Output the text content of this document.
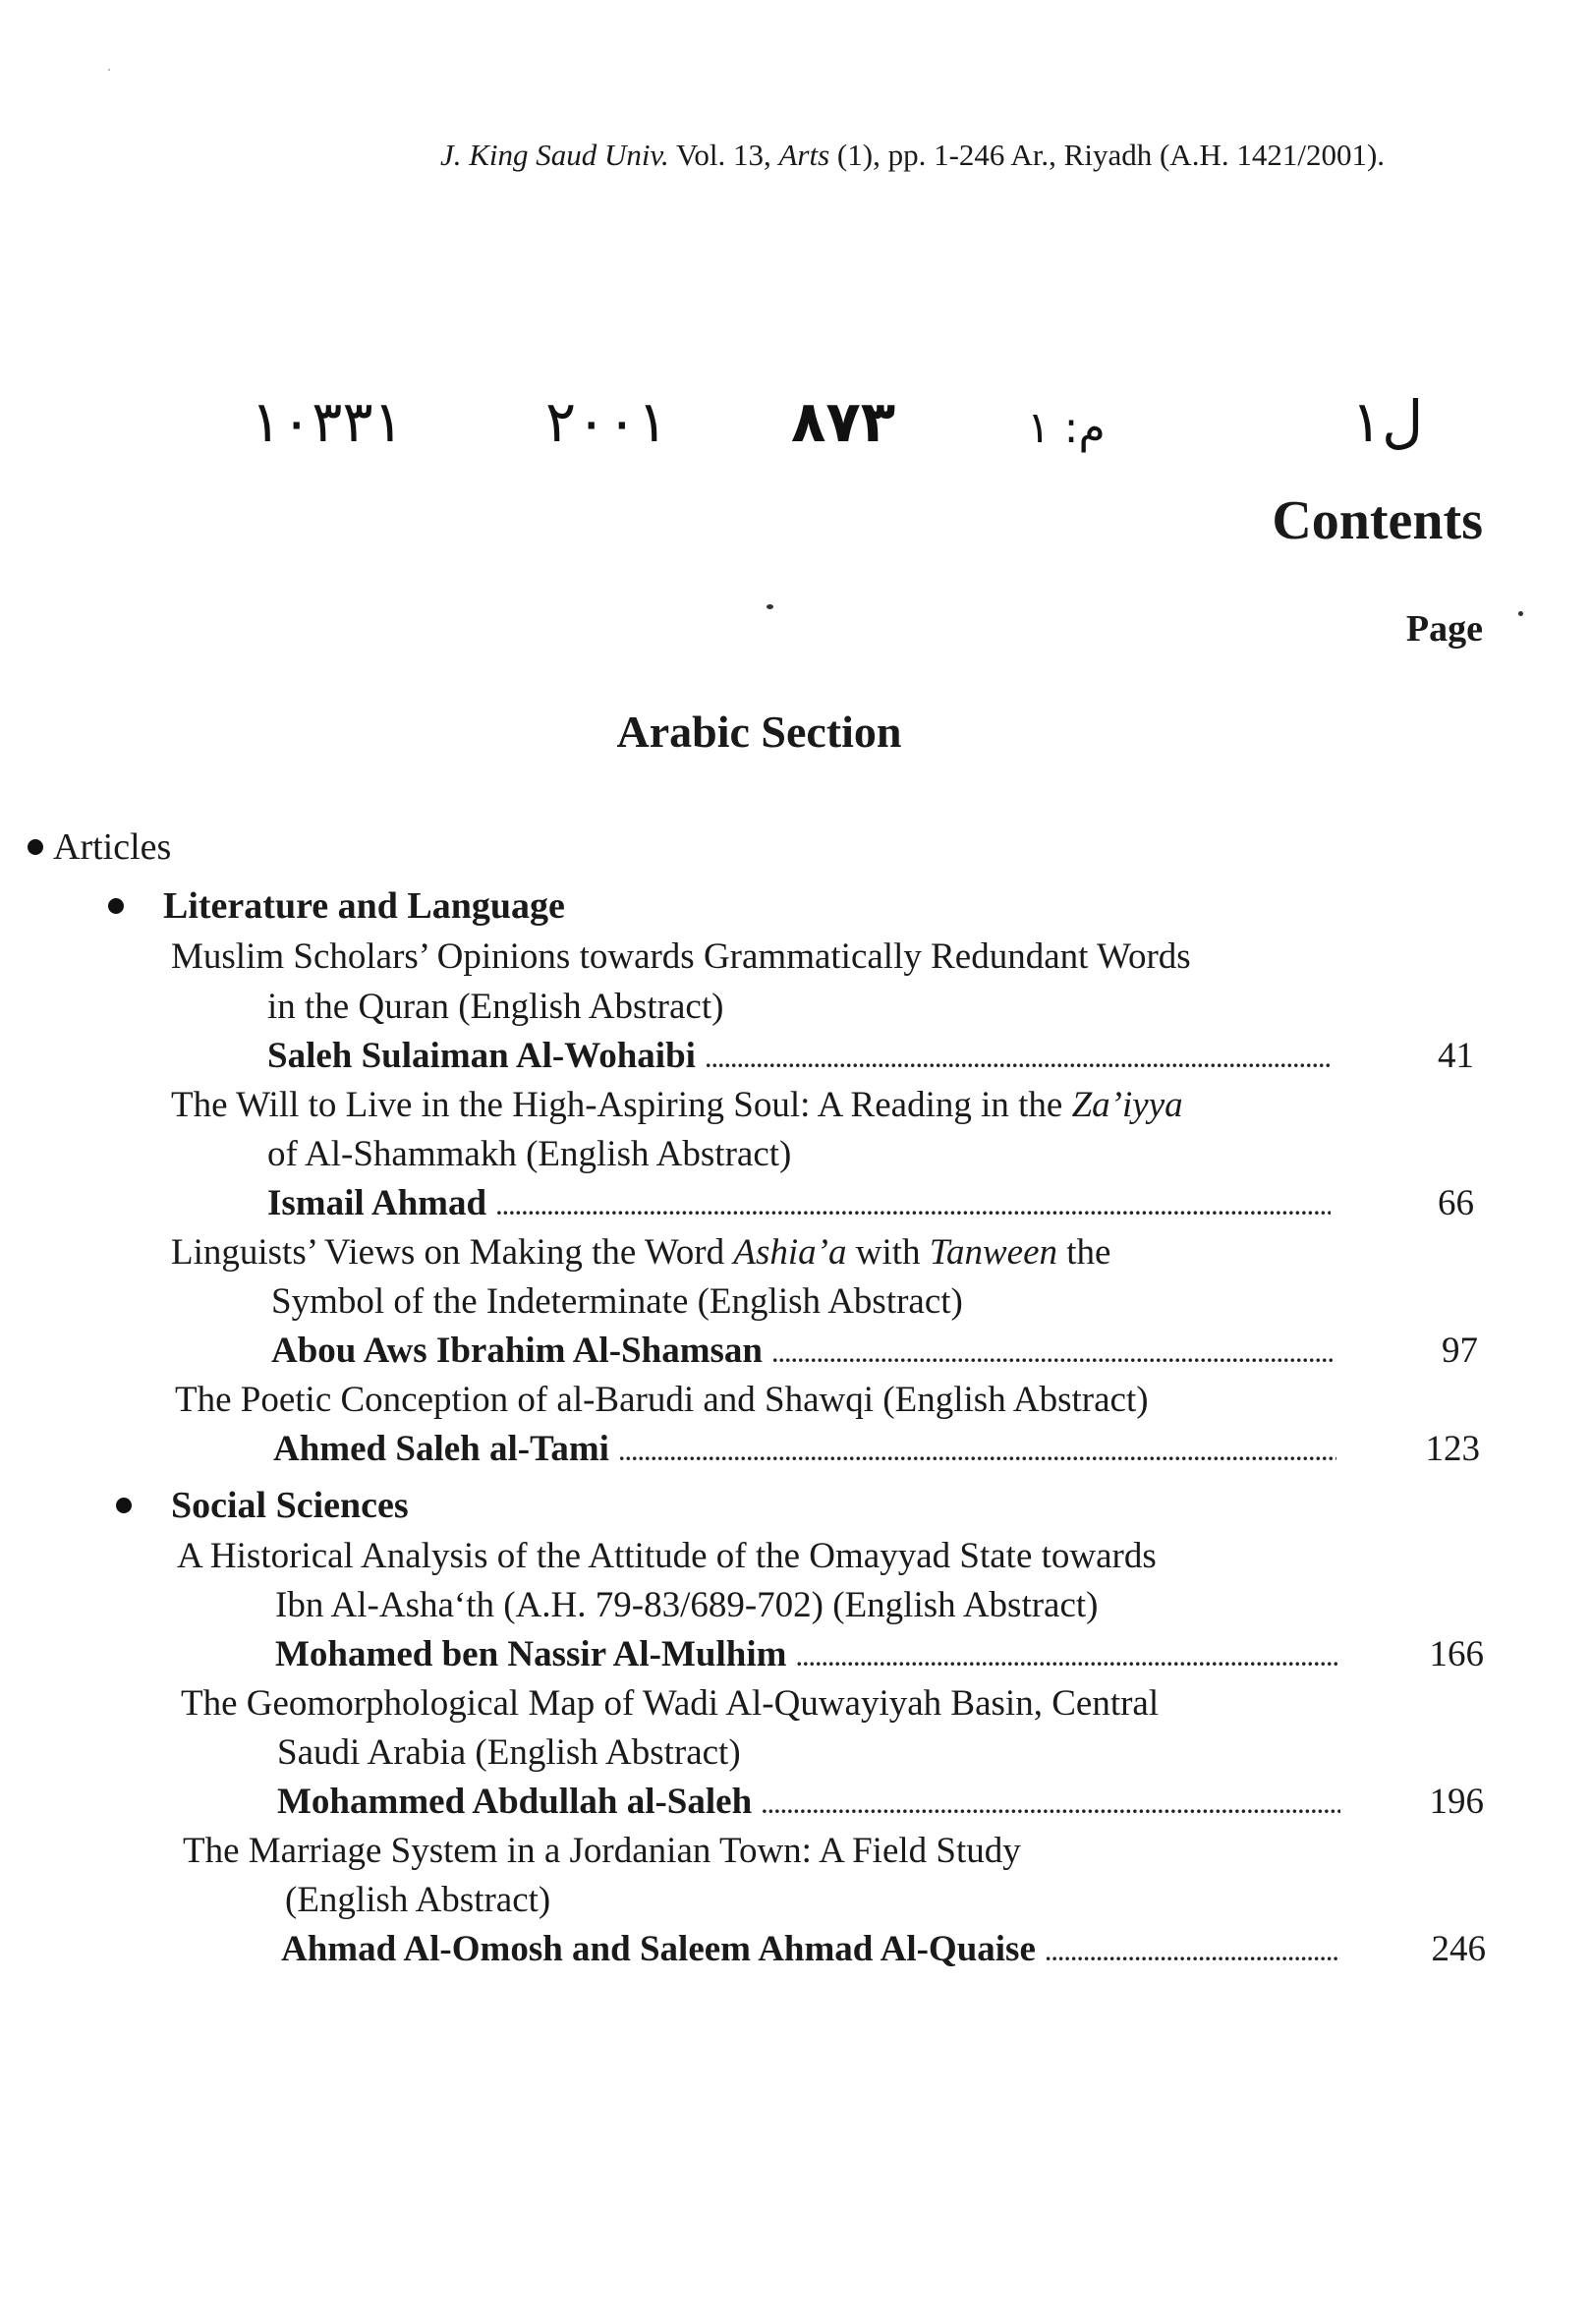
J. King Saud Univ. Vol. 13, Arts (1), pp. 1-246 Ar., Riyadh (A.H. 1421/2001).
١٠٣٣١ ٢٠٠١ ٨٧٣	م: ١	ل١
Contents
Page
Arabic Section
Articles
Literature and Language
Muslim Scholars’ Opinions towards Grammatically Redundant Words
in the Quran (English Abstract)
Saleh Sulaiman Al-Wohaibi .....	41
The Will to Live in the High-Aspiring Soul: A Reading in the Za’iyya
of Al-Shammakh (English Abstract)
Ismail Ahmad .....	66
Linguists’ Views on Making the Word Ashia’a with Tanween the
Symbol of the Indeterminate (English Abstract)
Abou Aws Ibrahim Al-Shamsan .....	97
The Poetic Conception of al-Barudi and Shawqi (English Abstract)
Ahmed Saleh al-Tami .....	123
Social Sciences
A Historical Analysis of the Attitude of the Omayyad State towards
Ibn Al-Asha‘th (A.H. 79-83/689-702) (English Abstract)
Mohamed ben Nassir Al-Mulhim .....	166
The Geomorphological Map of Wadi Al-Quwayiyah Basin, Central
Saudi Arabia (English Abstract)
Mohammed Abdullah al-Saleh .....	196
The Marriage System in a Jordanian Town: A Field Study
(English Abstract)
Ahmad Al-Omosh and Saleem Ahmad Al-Quaise .....	246
